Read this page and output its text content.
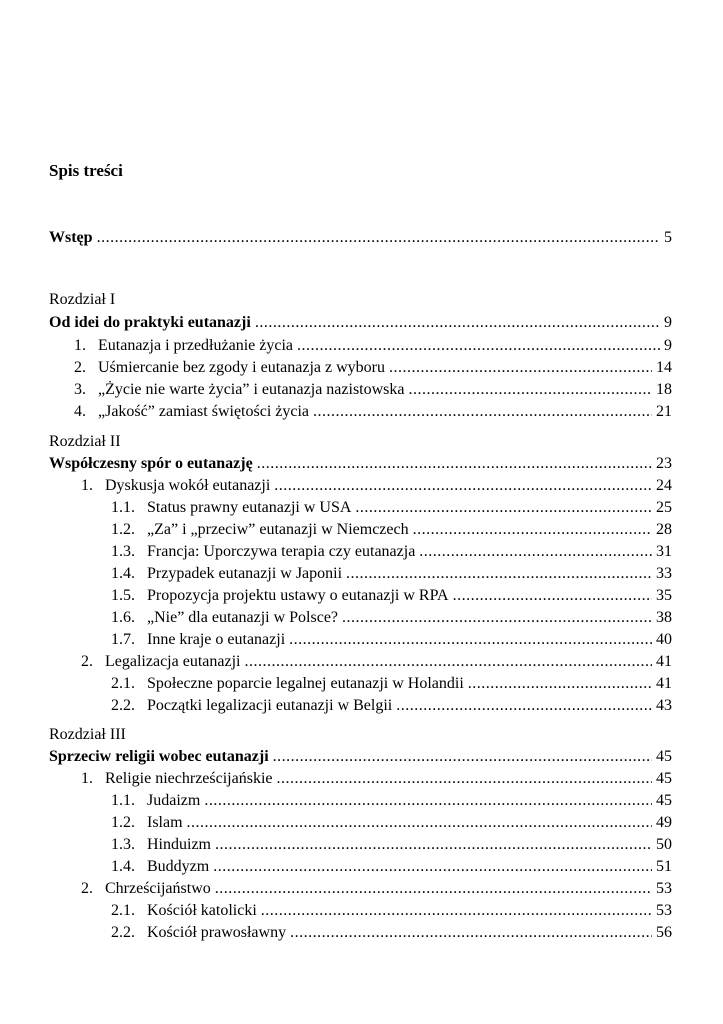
Spis treści
Wstęp .....	5
Rozdział I
Od idei do praktyki eutanazji .....	9
1. Eutanazja i przedłużanie życia .....	9
2. Uśmiercanie bez zgody i eutanazja z wyboru .....	14
3. „Życie nie warte życia” i eutanazja nazistowska .....	18
4. „Jakość” zamiast świętości życia .....	21
Rozdział II
Współczesny spór o eutanazję .....	23
1. Dyskusja wokół eutanazji .....	24
1.1. Status prawny eutanazji w USA .....	25
1.2. „Za” i „przeciw” eutanazji w Niemczech .....	28
1.3. Francja: Uporczywa terapia czy eutanazja .....	31
1.4. Przypadek eutanazji w Japonii .....	33
1.5. Propozycja projektu ustawy o eutanazji w RPA .....	35
1.6. „Nie” dla eutanazji w Polsce? .....	38
1.7. Inne kraje o eutanazji .....	40
2. Legalizacja eutanazji .....	41
2.1. Społeczne poparcie legalnej eutanazji w Holandii .....	41
2.2. Początki legalizacji eutanazji w Belgii .....	43
Rozdział III
Sprzeciw religii wobec eutanazji .....	45
1. Religie niechrześcijańskie .....	45
1.1. Judaizm .....	45
1.2. Islam .....	49
1.3. Hinduizm .....	50
1.4. Buddyzm .....	51
2. Chrześcijaństwo .....	53
2.1. Kościół katolicki .....	53
2.2. Kościół prawosławny .....	56
